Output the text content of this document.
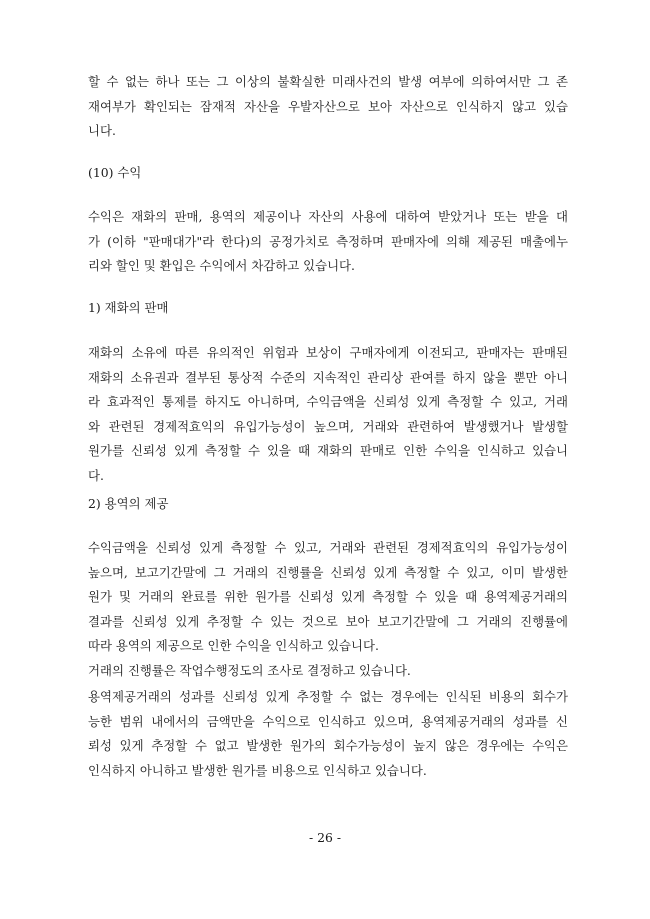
할 수 없는 하나 또는 그 이상의 불확실한 미래사건의 발생 여부에 의하여서만 그 존
재여부가 확인되는 잠재적 자산을 우발자산으로 보아 자산으로 인식하지 않고 있습
니다.
(10) 수익
수익은 재화의 판매, 용역의 제공이나 자산의 사용에 대하여 받았거나 또는 받을 대
가 (이하 "판매대가"라 한다)의 공정가치로 측정하며 판매자에 의해 제공된 매출에누
리와 할인 및 환입은 수익에서 차감하고 있습니다.
1) 재화의 판매
재화의 소유에 따른 유의적인 위험과 보상이 구매자에게 이전되고, 판매자는 판매된
재화의 소유권과 결부된 통상적 수준의 지속적인 관리상 관여를 하지 않을 뿐만 아니
라 효과적인 통제를 하지도 아니하며, 수익금액을 신뢰성 있게 측정할 수 있고, 거래
와 관련된 경제적효익의 유입가능성이 높으며, 거래와 관련하여 발생했거나 발생할
원가를 신뢰성 있게 측정할 수 있을 때 재화의 판매로 인한 수익을 인식하고 있습니
다.
2) 용역의 제공
수익금액을 신뢰성 있게 측정할 수 있고, 거래와 관련된 경제적효익의 유입가능성이
높으며, 보고기간말에 그 거래의 진행률을 신뢰성 있게 측정할 수 있고, 이미 발생한
원가 및 거래의 완료를 위한 원가를 신뢰성 있게 측정할 수 있을 때 용역제공거래의
결과를 신뢰성 있게 추정할 수 있는 것으로 보아 보고기간말에 그 거래의 진행률에
따라 용역의 제공으로 인한 수익을 인식하고 있습니다.
거래의 진행률은 작업수행정도의 조사로 결정하고 있습니다.
용역제공거래의 성과를 신뢰성 있게 추정할 수 없는 경우에는 인식된 비용의 회수가
능한 범위 내에서의 금액만을 수익으로 인식하고 있으며, 용역제공거래의 성과를 신
뢰성 있게 추정할 수 없고 발생한 원가의 회수가능성이 높지 않은 경우에는 수익은
인식하지 아니하고 발생한 원가를 비용으로 인식하고 있습니다.
- 26 -
